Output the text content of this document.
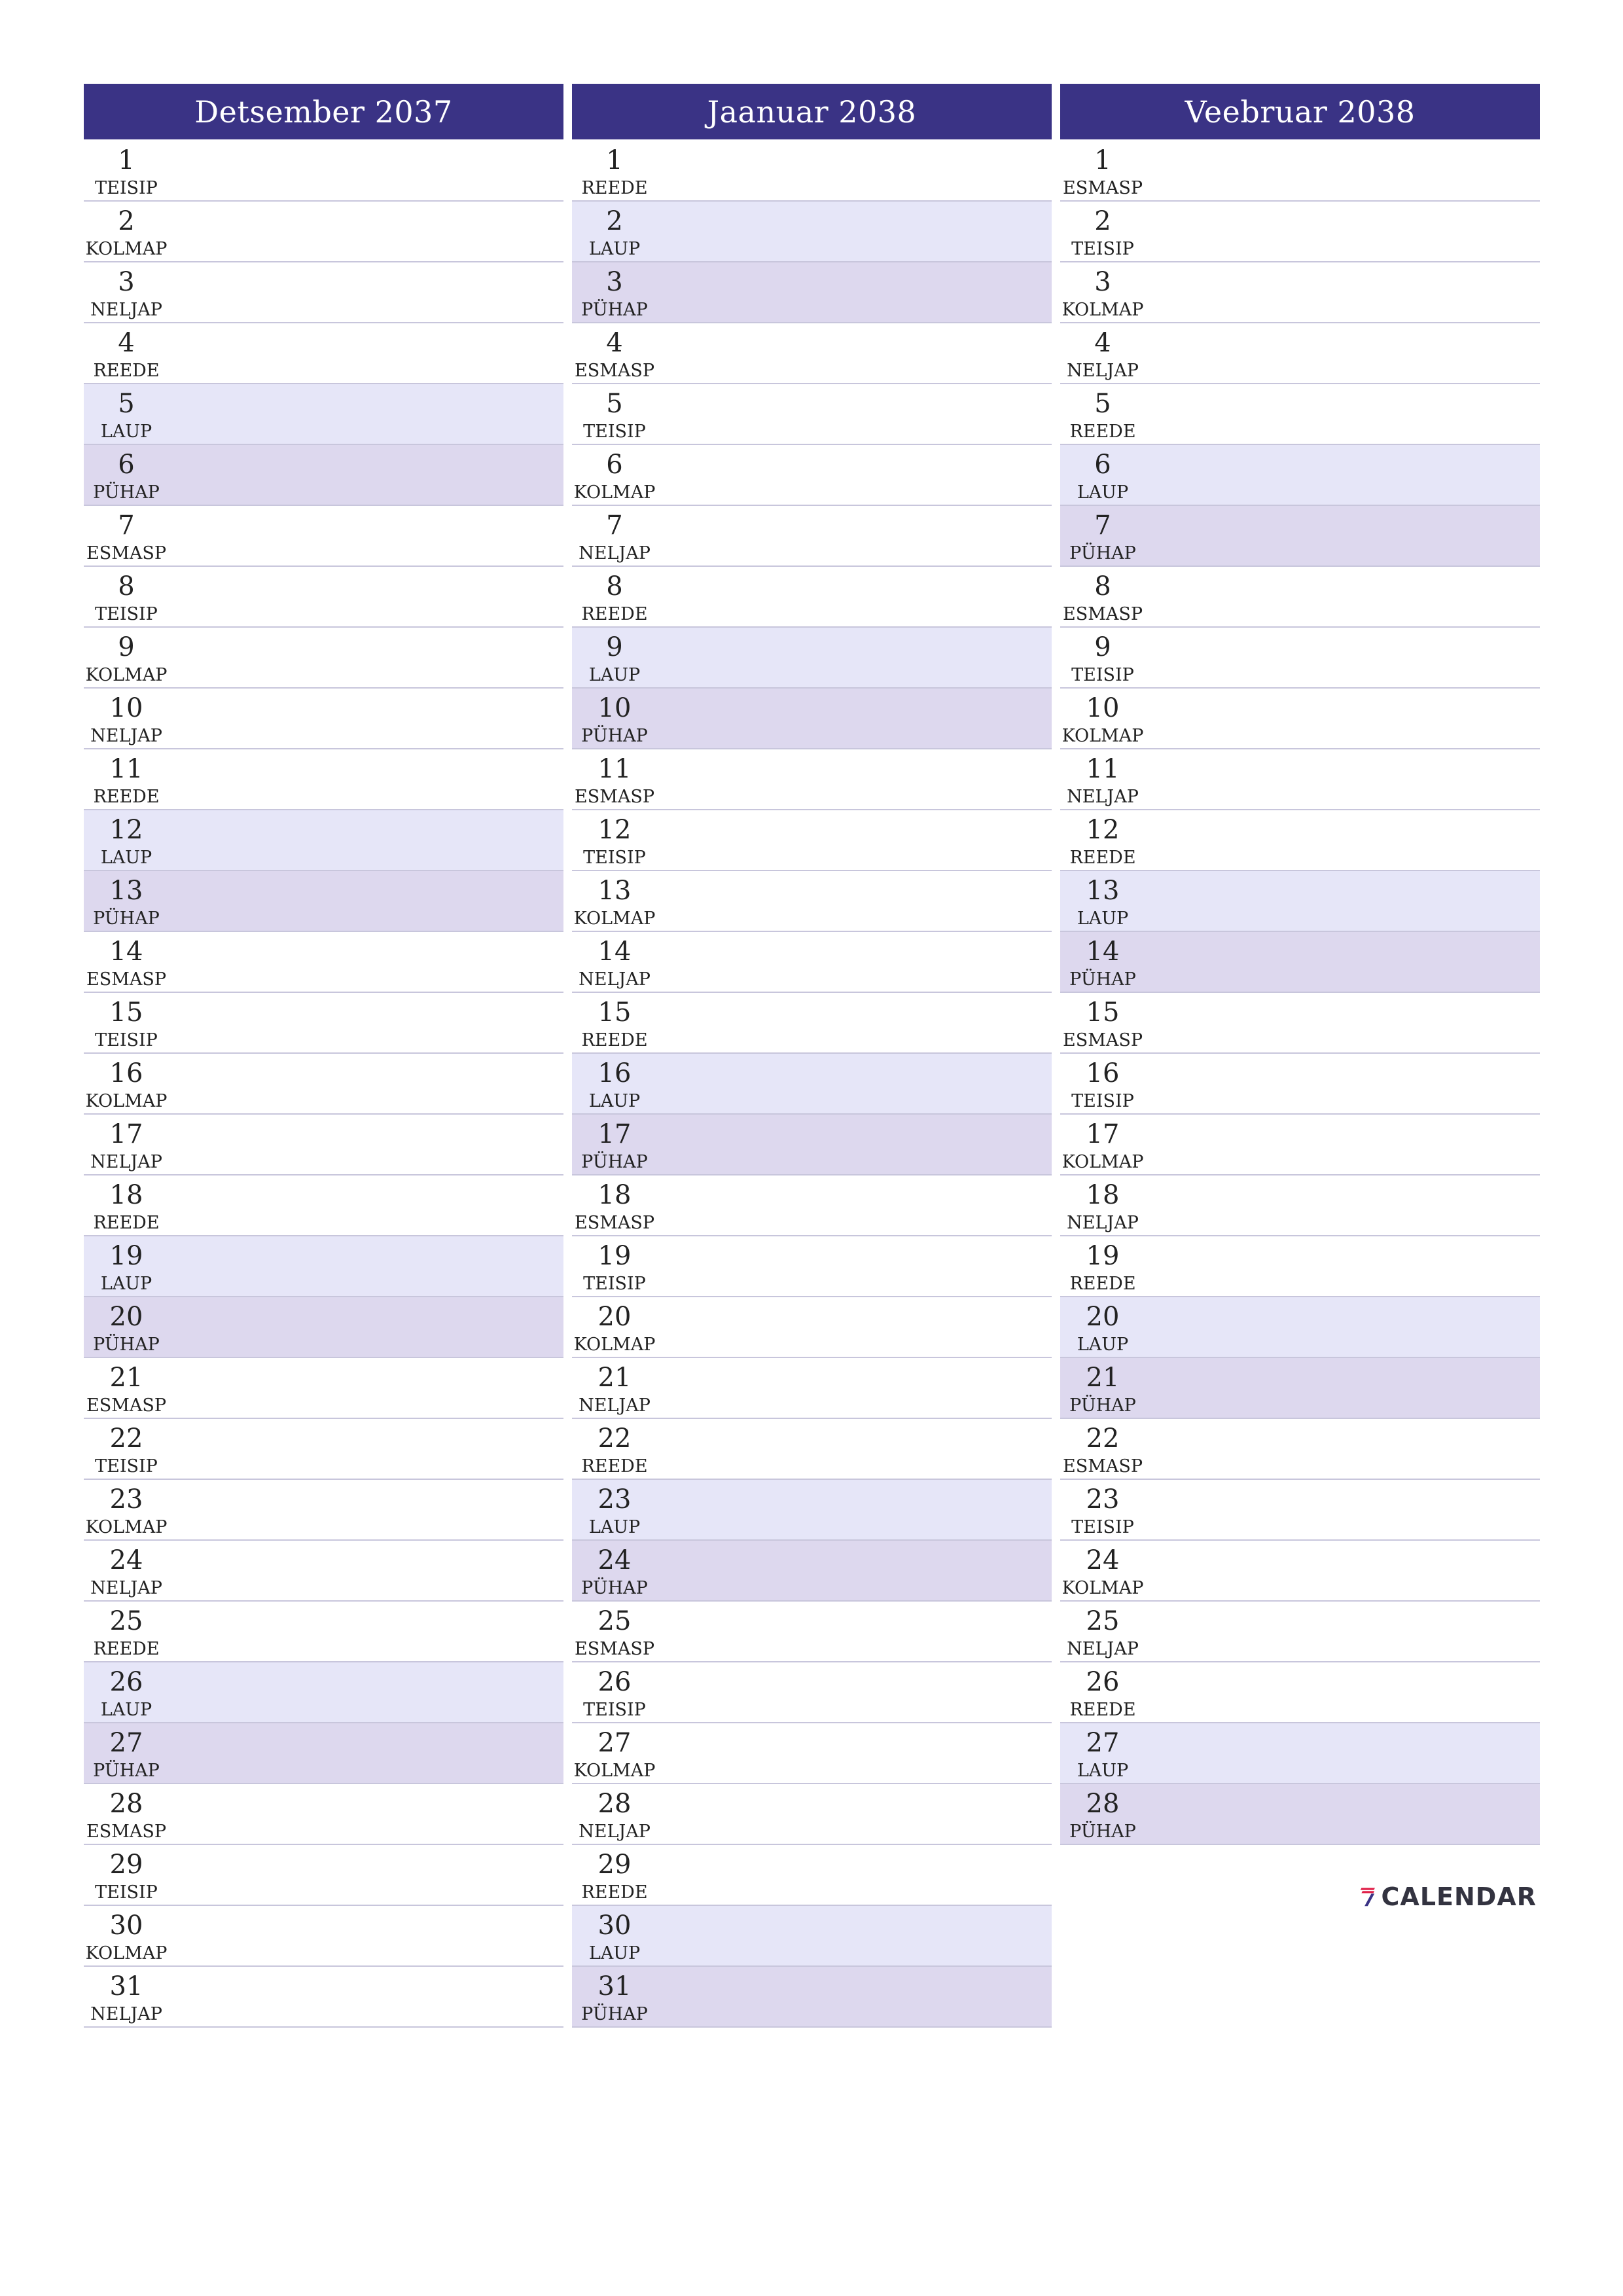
Detsember 2037
1
TEISIP
2
KOLMAP
3
NELJAP
4
REEDE
5
LAUP
6
PÜHAP
7
ESMASP
8
TEISIP
9
KOLMAP
10
NELJAP
11
REEDE
12
LAUP
13
PÜHAP
14
ESMASP
15
TEISIP
16
KOLMAP
17
NELJAP
18
REEDE
19
LAUP
20
PÜHAP
21
ESMASP
22
TEISIP
23
KOLMAP
24
NELJAP
25
REEDE
26
LAUP
27
PÜHAP
28
ESMASP
29
TEISIP
30
KOLMAP
31
NELJAP
Jaanuar 2038
1
REEDE
2
LAUP
3
PÜHAP
4
ESMASP
5
TEISIP
6
KOLMAP
7
NELJAP
8
REEDE
9
LAUP
10
PÜHAP
11
ESMASP
12
TEISIP
13
KOLMAP
14
NELJAP
15
REEDE
16
LAUP
17
PÜHAP
18
ESMASP
19
TEISIP
20
KOLMAP
21
NELJAP
22
REEDE
23
LAUP
24
PÜHAP
25
ESMASP
26
TEISIP
27
KOLMAP
28
NELJAP
29
REEDE
30
LAUP
31
PÜHAP
Veebruar 2038
1
ESMASP
2
TEISIP
3
KOLMAP
4
NELJAP
5
REEDE
6
LAUP
7
PÜHAP
8
ESMASP
9
TEISIP
10
KOLMAP
11
NELJAP
12
REEDE
13
LAUP
14
PÜHAP
15
ESMASP
16
TEISIP
17
KOLMAP
18
NELJAP
19
REEDE
20
LAUP
21
PÜHAP
22
ESMASP
23
TEISIP
24
KOLMAP
25
NELJAP
26
REEDE
27
LAUP
28
PÜHAP
CALENDAR
